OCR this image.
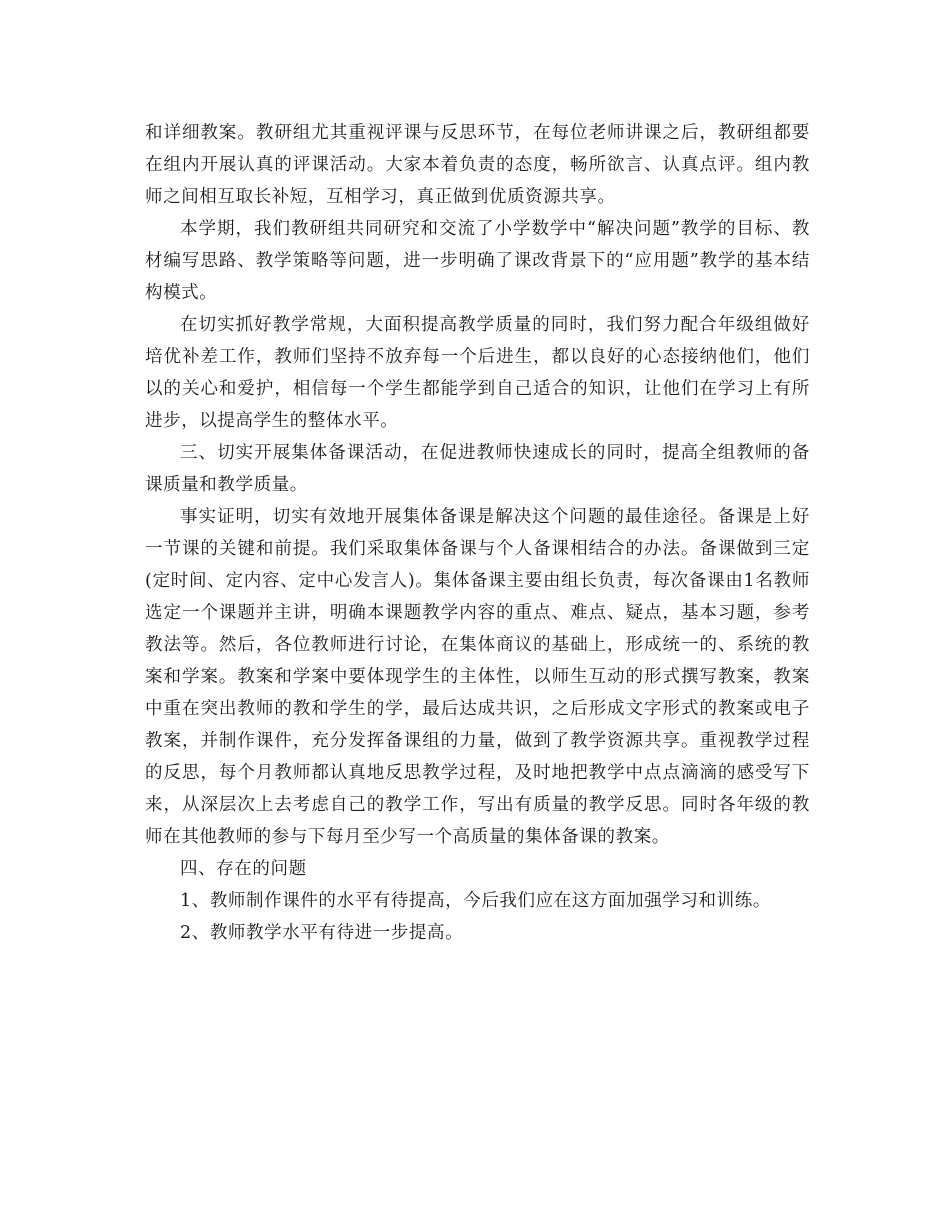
和详细教案。教研组尤其重视评课与反思环节，在每位老师讲课之后，教研组都要在组内开展认真的评课活动。大家本着负责的态度，畅所欲言、认真点评。组内教师之间相互取长补短，互相学习，真正做到优质资源共享。

本学期，我们教研组共同研究和交流了小学数学中“解决问题”教学的目标、教材编写思路、教学策略等问题，进一步明确了课改背景下的“应用题”教学的基本结构模式。

在切实抓好教学常规，大面积提高教学质量的同时，我们努力配合年级组做好培优补差工作，教师们坚持不放弃每一个后进生，都以良好的心态接纳他们，他们以的关心和爱护，相信每一个学生都能学到自己适合的知识，让他们在学习上有所进步，以提高学生的整体水平。

三、切实开展集体备课活动，在促进教师快速成长的同时，提高全组教师的备课质量和教学质量。

事实证明，切实有效地开展集体备课是解决这个问题的最佳途径。备课是上好一节课的关键和前提。我们采取集体备课与个人备课相结合的办法。备课做到三定(定时间、定内容、定中心发言人)。集体备课主要由组长负责，每次备课由1名教师选定一个课题并主讲，明确本课题教学内容的重点、难点、疑点，基本习题，参考教法等。然后，各位教师进行讨论，在集体商议的基础上，形成统一的、系统的教案和学案。教案和学案中要体现学生的主体性，以师生互动的形式撰写教案，教案中重在突出教师的教和学生的学，最后达成共识，之后形成文字形式的教案或电子教案，并制作课件，充分发挥备课组的力量，做到了教学资源共享。重视教学过程的反思，每个月教师都认真地反思教学过程，及时地把教学中点点滴滴的感受写下来，从深层次上去考虑自己的教学工作，写出有质量的教学反思。同时各年级的教师在其他教师的参与下每月至少写一个高质量的集体备课的教案。

四、存在的问题

1、教师制作课件的水平有待提高，今后我们应在这方面加强学习和训练。

2、教师教学水平有待进一步提高。
